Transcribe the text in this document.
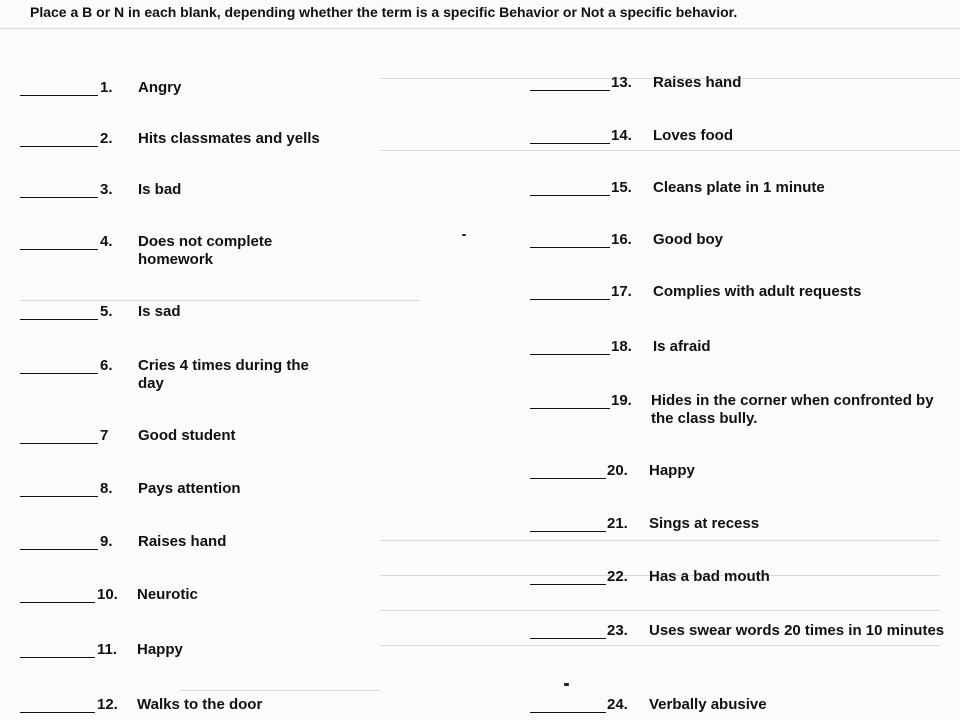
Place a B or N in each blank, depending whether the term is a specific Behavior or Not a specific behavior.
1. Angry
2. Hits classmates and yells
3. Is bad
4. Does not complete homework
5. Is sad
6. Cries 4 times during the day
7 Good student
8. Pays attention
9. Raises hand
10. Neurotic
11. Happy
12. Walks to the door
13. Raises hand
14. Loves food
15. Cleans plate in 1 minute
16. Good boy
17. Complies with adult requests
18. Is afraid
19. Hides in the corner when confronted by the class bully.
20. Happy
21. Sings at recess
22. Has a bad mouth
23. Uses swear words 20 times in 10 minutes
24. Verbally abusive
